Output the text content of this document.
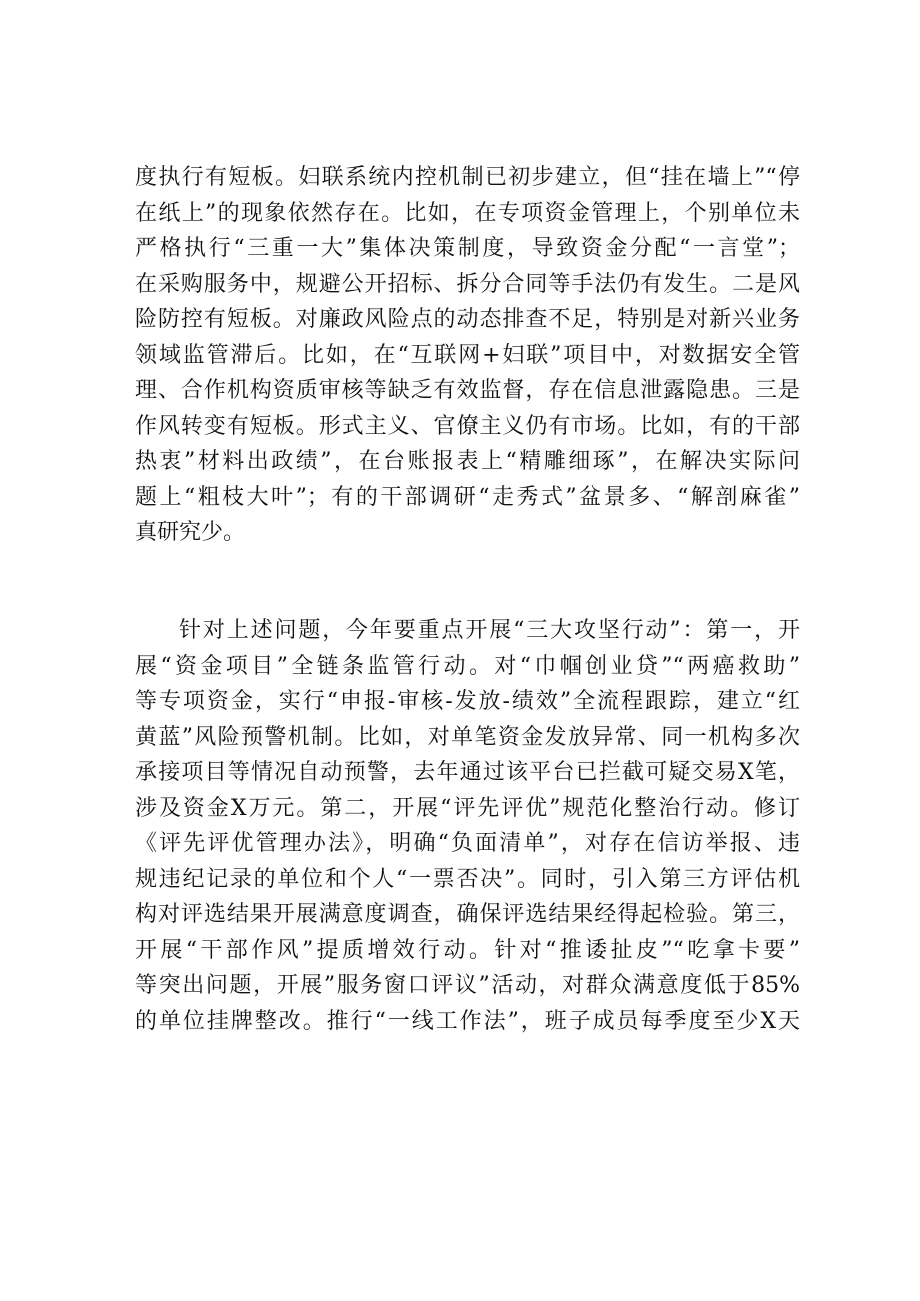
度执行有短板。妇联系统内控机制已初步建立，但“挂在墙上”“停
在纸上”的现象依然存在。比如，在专项资金管理上，个别单位未
严格执行“三重一大”集体决策制度，导致资金分配“一言堂”；
在采购服务中，规避公开招标、拆分合同等手法仍有发生。二是风
险防控有短板。对廉政风险点的动态排查不足，特别是对新兴业务
领域监管滞后。比如，在“互联网+妇联”项目中，对数据安全管
理、合作机构资质审核等缺乏有效监督，存在信息泄露隐患。三是
作风转变有短板。形式主义、官僚主义仍有市场。比如，有的干部
热衷”材料出政绩”，在台账报表上“精雕细琢”，在解决实际问
题上“粗枝大叶”；有的干部调研“走秀式”盆景多、“解剖麻雀”
真研究少。
针对上述问题，今年要重点开展“三大攻坚行动”：第一，开
展“资金项目”全链条监管行动。对“巾帼创业贷”“两癌救助”
等专项资金，实行“申报-审核-发放-绩效”全流程跟踪，建立“红
黄蓝”风险预警机制。比如，对单笔资金发放异常、同一机构多次
承接项目等情况自动预警，去年通过该平台已拦截可疑交易X笔，
涉及资金X万元。第二，开展“评先评优”规范化整治行动。修订
《评先评优管理办法》，明确“负面清单”，对存在信访举报、违
规违纪记录的单位和个人“一票否决”。同时，引入第三方评估机
构对评选结果开展满意度调查，确保评选结果经得起检验。第三，
开展“干部作风”提质增效行动。针对“推诿扯皮”“吃拿卡要”
等突出问题，开展”服务窗口评议”活动，对群众满意度低于85%
的单位挂牌整改。推行“一线工作法”，班子成员每季度至少X天
